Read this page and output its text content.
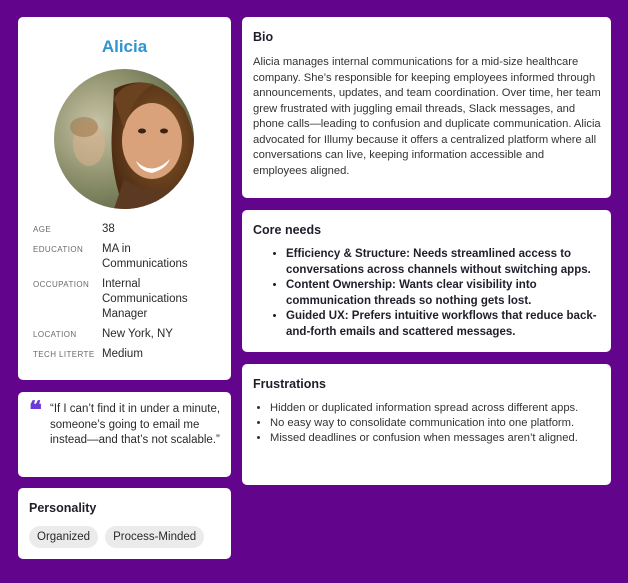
Alicia
AGE	38
EDUCATION	MA in Communications
OCCUPATION	Internal Communications Manager
LOCATION	New York, NY
TECH LITERTE Medium
❝ “If I can’t find it in under a minute, someone’s going to email me instead—and that’s not scalable.”
Personality
Organized	Process-Minded
Bio
Alicia manages internal communications for a mid-size healthcare company. She’s responsible for keeping employees informed through announcements, updates, and team coordination. Over time, her team grew frustrated with juggling email threads, Slack messages, and phone calls—leading to confusion and duplicate communication. Alicia advocated for Illumy because it offers a centralized platform where all conversations can live, keeping information accessible and employees aligned.
Core needs
• Efficiency & Structure: Needs streamlined access to conversations across channels without switching apps.
• Content Ownership: Wants clear visibility into communication threads so nothing gets lost.
• Guided UX: Prefers intuitive workflows that reduce back-and-forth emails and scattered messages.
Frustrations
• Hidden or duplicated information spread across different apps.
• No easy way to consolidate communication into one platform.
• Missed deadlines or confusion when messages aren’t aligned.
